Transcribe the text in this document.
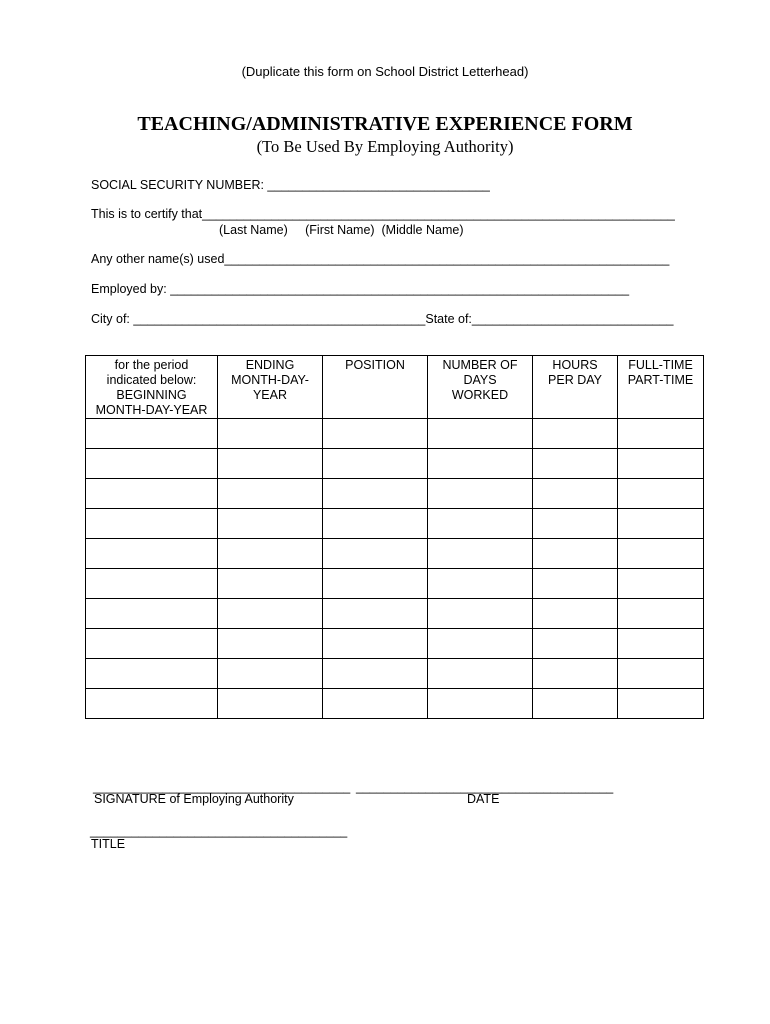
(Duplicate this form on School District Letterhead)
TEACHING/ADMINISTRATIVE EXPERIENCE FORM
(To Be Used By Employing Authority)
SOCIAL SECURITY NUMBER: ________________________________
This is to certify that____________________________________________________________________
(Last Name)     (First Name)  (Middle Name)
Any other name(s) used________________________________________________________________
Employed by: __________________________________________________________________
City of: __________________________________________State of:_____________________________
for the period
indicated below:
BEGINNING
MONTH-DAY-YEAR	ENDING
MONTH-DAY-
YEAR	POSITION	NUMBER OF
DAYS
WORKED	HOURS
PER DAY	FULL-TIME
PART-TIME

_____________________________________ _____________________________________
SIGNATURE of Employing Authority	DATE
_____________________________________
TITLE
